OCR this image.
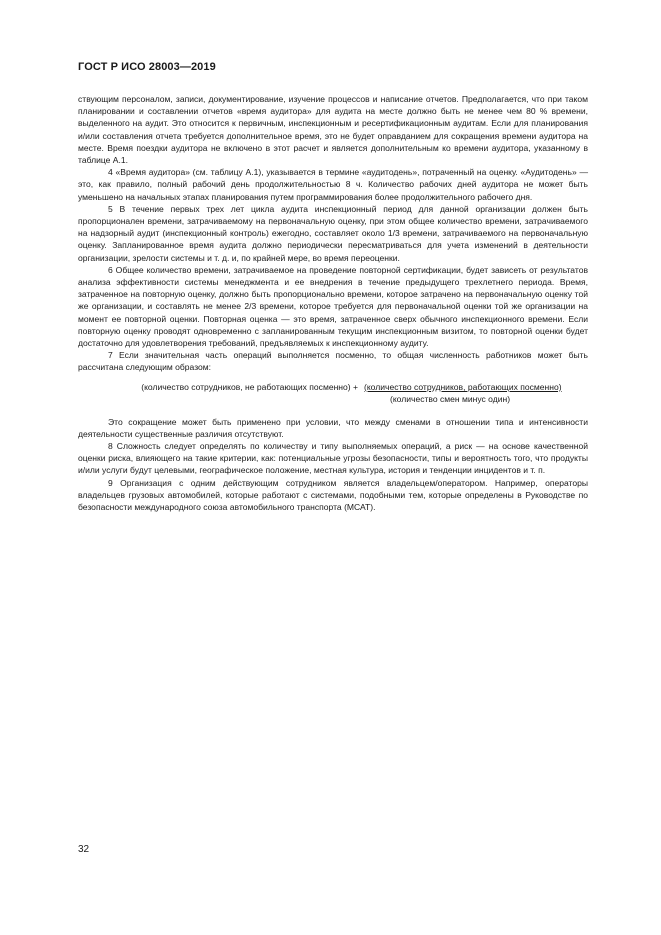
ГОСТ Р ИСО 28003—2019

ствующим персоналом, записи, документирование, изучение процессов и написание отчетов. Предполагается, что при таком планировании и составлении отчетов «время аудитора» для аудита на месте должно быть не менее чем 80 % времени, выделенного на аудит. Это относится к первичным, инспекционным и ресертификационным аудитам. Если для планирования и/или составления отчета требуется дополнительное время, это не будет оправданием для сокращения времени аудитора на месте. Время поездки аудитора не включено в этот расчет и является дополнительным ко времени аудитора, указанному в таблице А.1.

4 «Время аудитора» (см. таблицу А.1), указывается в термине «аудитодень», потраченный на оценку. «Аудитодень» — это, как правило, полный рабочий день продолжительностью 8 ч. Количество рабочих дней аудитора не может быть уменьшено на начальных этапах планирования путем программирования более продолжительного рабочего дня.

5 В течение первых трех лет цикла аудита инспекционный период для данной организации должен быть пропорционален времени, затрачиваемому на первоначальную оценку, при этом общее количество времени, затрачиваемого на надзорный аудит (инспекционный контроль) ежегодно, составляет около 1/3 времени, затрачиваемого на первоначальную оценку. Запланированное время аудита должно периодически пересматриваться для учета изменений в деятельности организации, зрелости системы и т. д. и, по крайней мере, во время переоценки.

6 Общее количество времени, затрачиваемое на проведение повторной сертификации, будет зависеть от результатов анализа эффективности системы менеджмента и ее внедрения в течение предыдущего трехлетнего периода. Время, затраченное на повторную оценку, должно быть пропорционально времени, которое затрачено на первоначальную оценку той же организации, и составлять не менее 2/3 времени, которое требуется для первоначальной оценки той же организации на момент ее повторной оценки. Повторная оценка — это время, затраченное сверх обычного инспекционного времени. Если повторную оценку проводят одновременно с запланированным текущим инспекционным визитом, то повторной оценки будет достаточно для удовлетворения требований, предъявляемых к инспекционному аудиту.

7 Если значительная часть операций выполняется посменно, то общая численность работников может быть рассчитана следующим образом:

(количество сотрудников, не работающих посменно) + (количество сотрудников, работающих посменно)
(количество смен минус один)

Это сокращение может быть применено при условии, что между сменами в отношении типа и интенсивности деятельности существенные различия отсутствуют.

8 Сложность следует определять по количеству и типу выполняемых операций, а риск — на основе качественной оценки риска, влияющего на такие критерии, как: потенциальные угрозы безопасности, типы и вероятность того, что продукты и/или услуги будут целевыми, географическое положение, местная культура, история и тенденции инцидентов и т. п.

9 Организация с одним действующим сотрудником является владельцем/оператором. Например, операторы владельцев грузовых автомобилей, которые работают с системами, подобными тем, которые определены в Руководстве по безопасности международного союза автомобильного транспорта (МСАТ).

32
